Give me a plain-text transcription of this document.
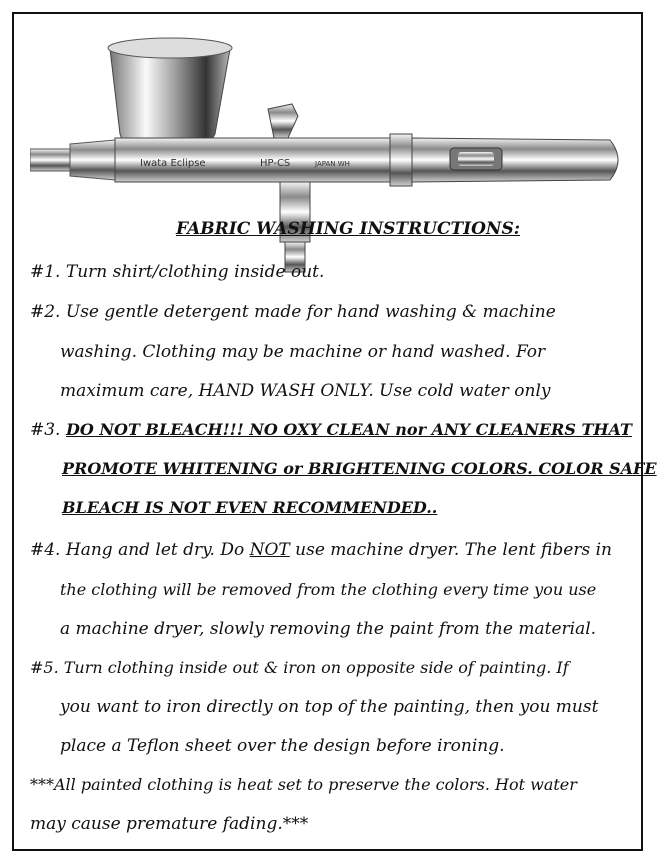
Iwata Eclipse	HP-CS	JAPAN WH
FABRIC WASHING INSTRUCTIONS:
#1. Turn shirt/clothing inside out.
#2. Use gentle detergent made for hand washing & machine
washing. Clothing may be machine or hand washed. For
maximum care, HAND WASH ONLY. Use cold water only
#3. DO NOT BLEACH!!! NO OXY CLEAN nor ANY CLEANERS THAT
PROMOTE WHITENING or BRIGHTENING COLORS. COLOR SAFE
BLEACH IS NOT EVEN RECOMMENDED..
#4. Hang and let dry. Do NOT use machine dryer. The lent fibers in
the clothing will be removed from the clothing every time you use
a machine dryer, slowly removing the paint from the material.
#5. Turn clothing inside out & iron on opposite side of painting. If
you want to iron directly on top of the painting, then you must
place a Teflon sheet over the design before ironing.
***All painted clothing is heat set to preserve the colors. Hot water
may cause premature fading.***
